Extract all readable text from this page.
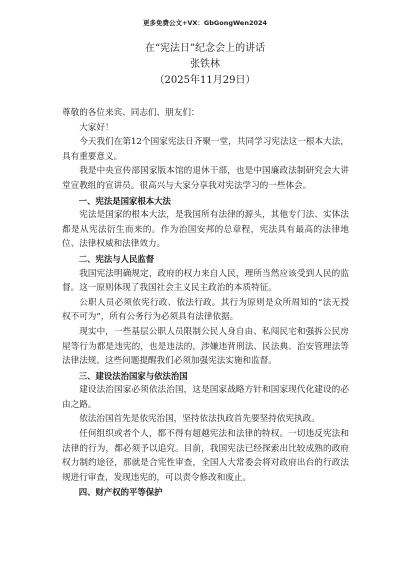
更多免费公文+VX：GbGongWen2024
在“宪法日”纪念会上的讲话
张铁林
（2025年11月29日）

尊敬的各位来宾、同志们、朋友们：

大家好！

今天我们在第12个国家宪法日齐聚一堂，共同学习宪法这一根本大法，具有重要意义。

我是中央宣传部国家版本馆的退休干部，也是中国廉政法制研究会大讲堂宣教组的宣讲员。很高兴与大家分享我对宪法学习的一些体会。

一、宪法是国家根本大法

宪法是国家的根本大法，是我国所有法律的源头，其他专门法、实体法都是从宪法衍生而来的。作为治国安邦的总章程，宪法具有最高的法律地位、法律权威和法律效力。

二、宪法与人民监督

我国宪法明确规定，政府的权力来自人民，理所当然应该受到人民的监督。这一原则体现了我国社会主义民主政治的本质特征。

公职人员必须依宪行政、依法行政。其行为原则是众所周知的“法无授权不可为”，所有公务行为必须具有法律依据。

现实中，一些基层公职人员限制公民人身自由、私闯民宅和强拆公民房屋等行为都是违宪的，也是违法的，涉嫌违背刑法、民法典、治安管理法等法律法规。这些问题提醒我们必须加强宪法实施和监督。

三、建设法治国家与依法治国

建设法治国家必须依法治国，这是国家战略方针和国家现代化建设的必由之路。

依法治国首先是依宪治国，坚持依法执政首先要坚持依宪执政。

任何组织或者个人，都不得有超越宪法和法律的特权。一切违反宪法和法律的行为，都必须予以追究。目前，我国宪法已经探索出比较成熟的政府权力制约途径，那就是合宪性审查，全国人大常委会将对政府出台的行政法规进行审查，发现违宪的，可以责令修改和废止。

四、财产权的平等保护
